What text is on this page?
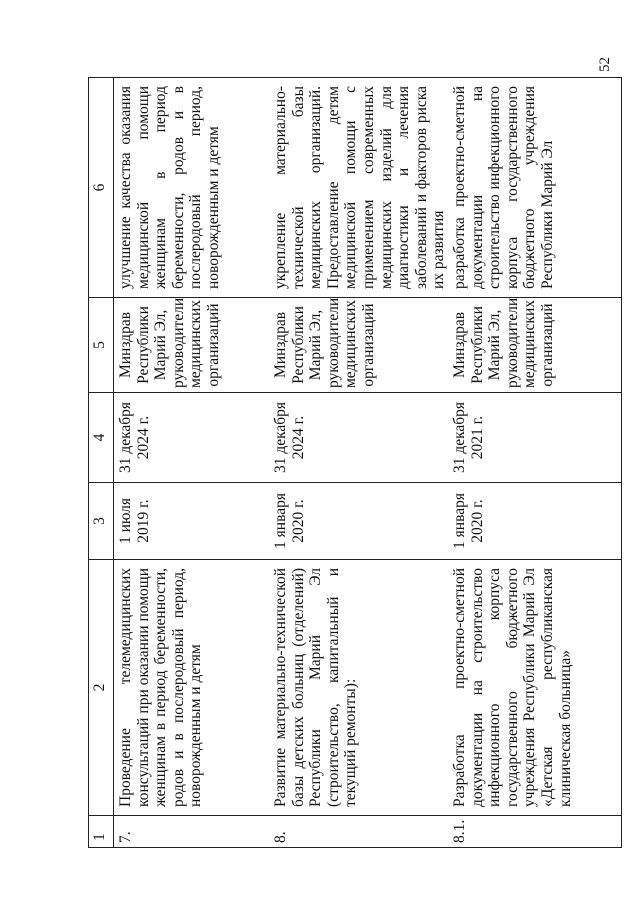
52
1	2	3	4	5	6
7.	Проведение телемедицинских консультаций при оказании помощи женщинам в период беременности, родов и в послеродовый период, новорожденным и детям	1 июля 2019 г.	31 декабря 2024 г.	Минздрав Республики Марий Эл, руководители медицинских организаций	улучшение качества оказания медицинской помощи женщинам в период беременности, родов и в послеродовый период, новорожденным и детям
8.	Развитие материально-технической базы детских больниц (отделений) Республики Марий Эл (строительство, капитальный и текущий ремонты):	1 января 2020 г.	31 декабря 2024 г.	Минздрав Республики Марий Эл, руководители медицинских организаций	укрепление материально-технической базы медицинских организаций. Предоставление детям медицинской помощи с применением современных медицинских изделий для диагностики и лечения заболеваний и факторов риска их развития
8.1.	Разработка проектно-сметной документации на строительство инфекционного корпуса государственного бюджетного учреждения Республики Марий Эл «Детская республиканская клиническая больница»	1 января 2020 г.	31 декабря 2021 г.	Минздрав Республики Марий Эл, руководители медицинских организаций	разработка проектно-сметной документации на строительство инфекционного корпуса государственного бюджетного учреждения Республики Марий Эл
